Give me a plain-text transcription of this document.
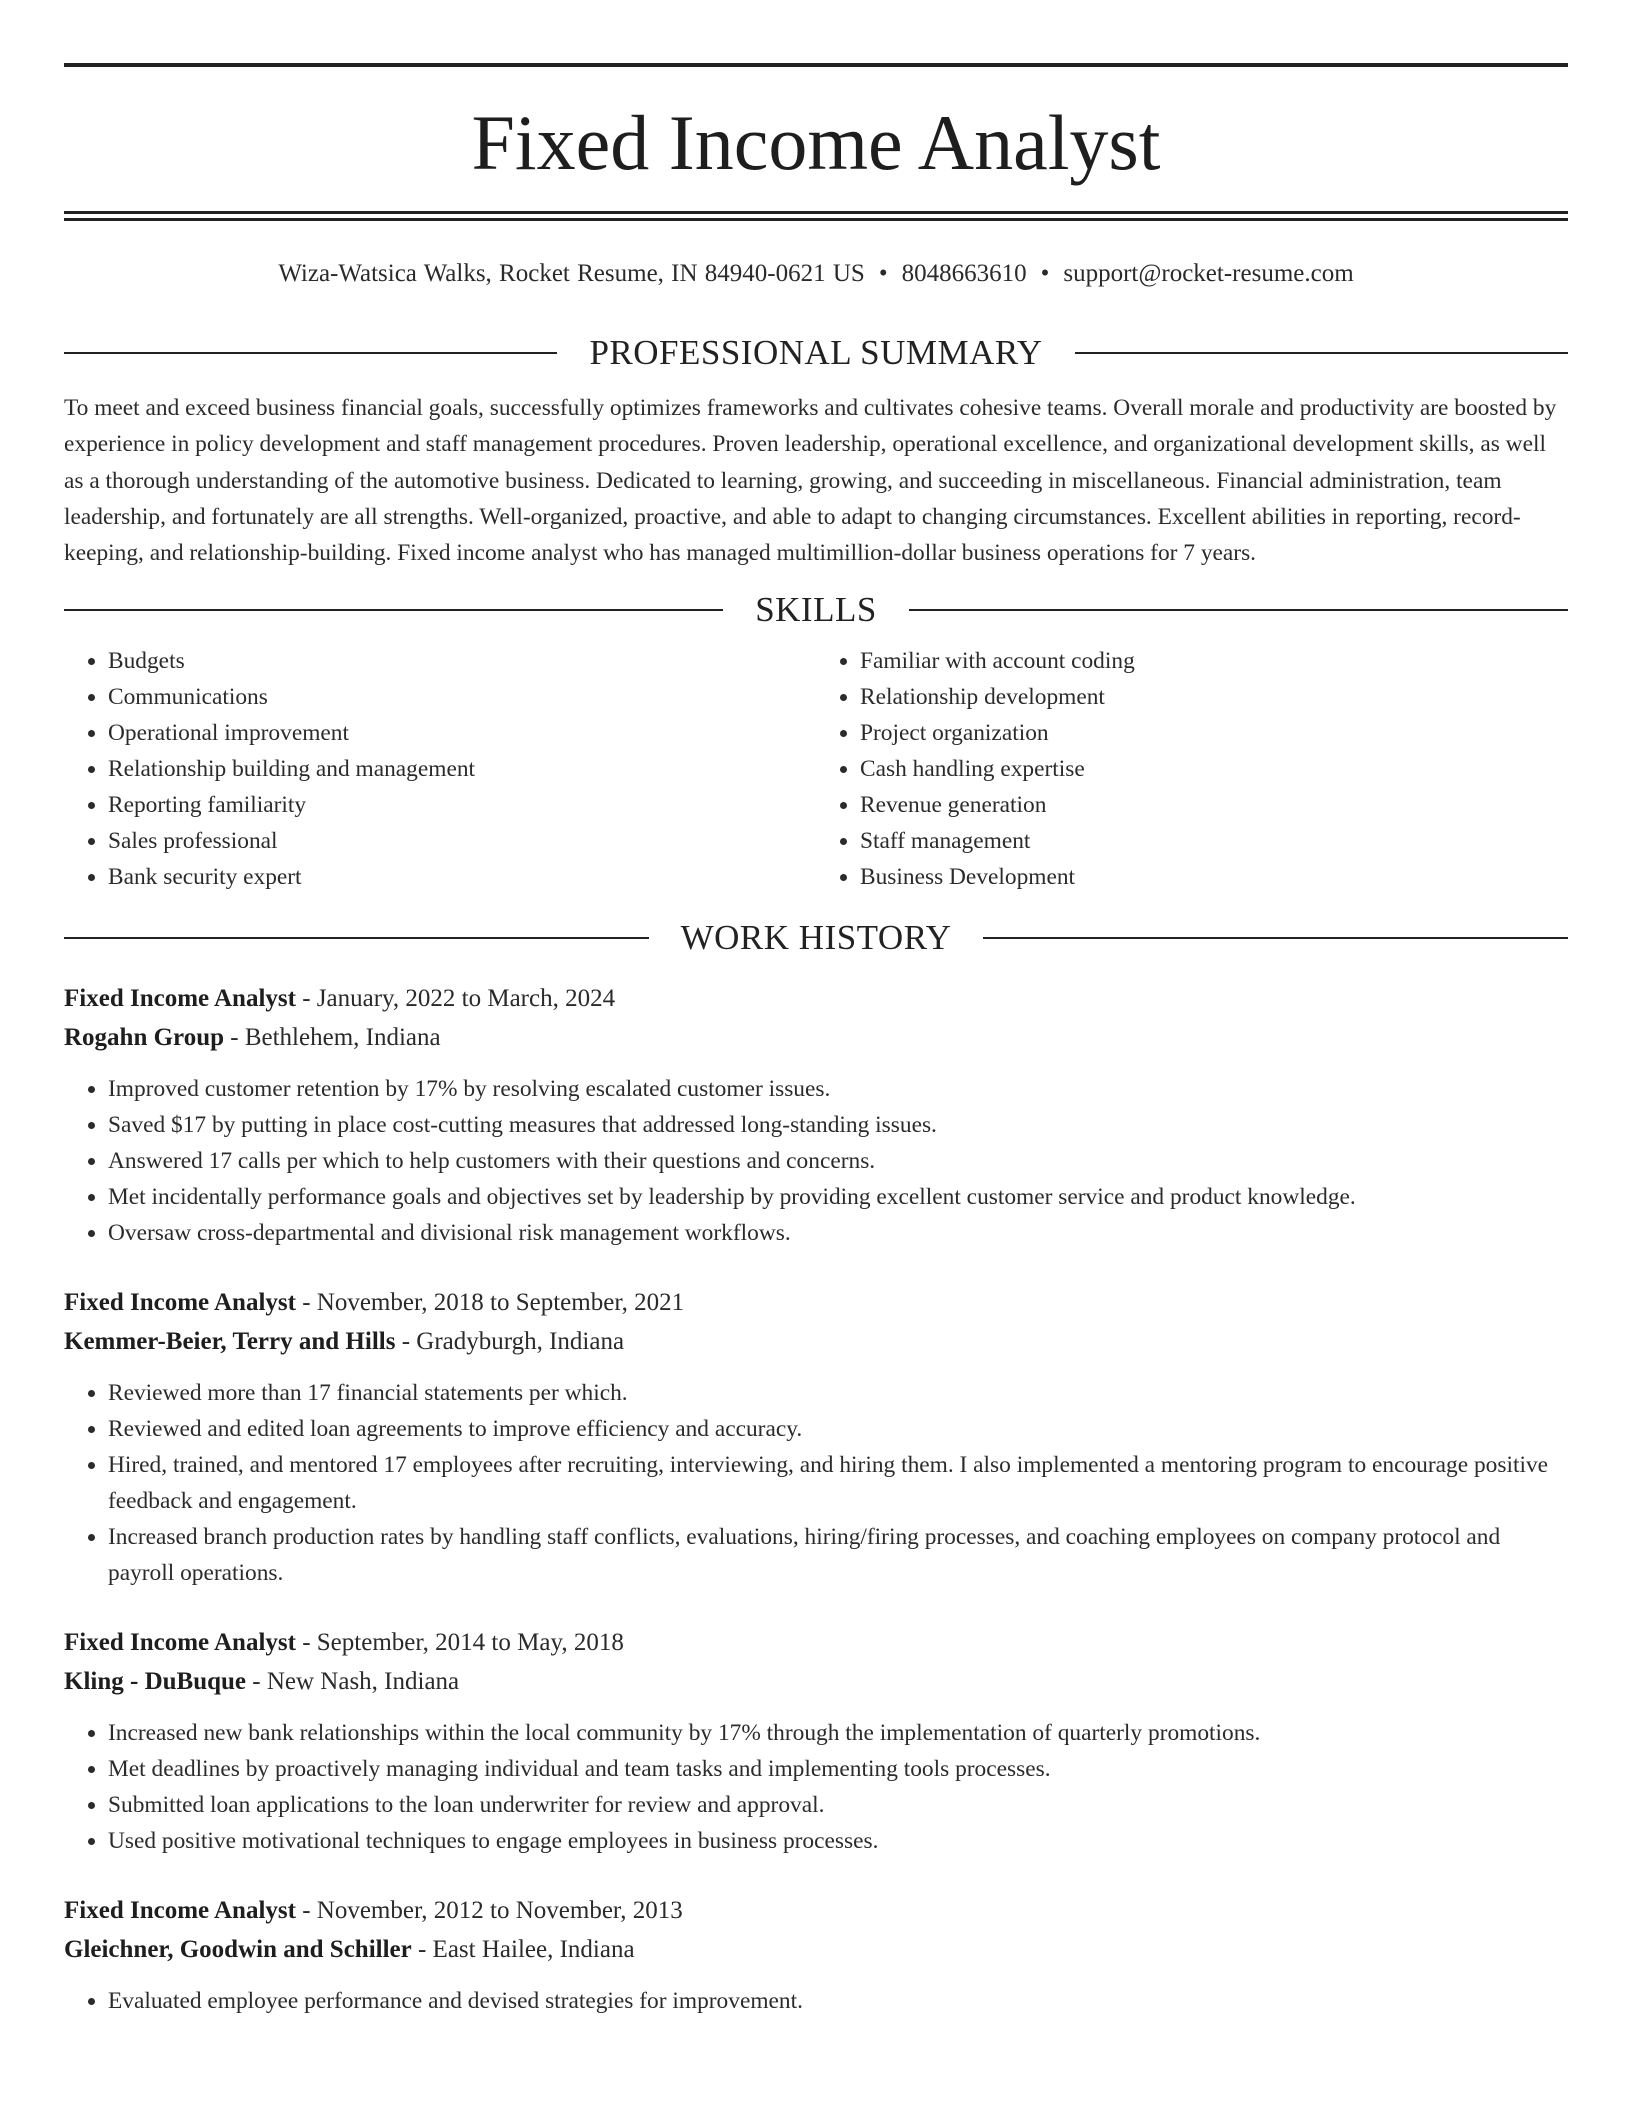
Fixed Income Analyst
Wiza-Watsica Walks, Rocket Resume, IN 84940-0621 US • 8048663610 • support@rocket-resume.com
PROFESSIONAL SUMMARY

To meet and exceed business financial goals, successfully optimizes frameworks and cultivates cohesive teams. Overall morale and productivity are boosted by experience in policy development and staff management procedures. Proven leadership, operational excellence, and organizational development skills, as well as a thorough understanding of the automotive business. Dedicated to learning, growing, and succeeding in miscellaneous. Financial administration, team leadership, and fortunately are all strengths. Well-organized, proactive, and able to adapt to changing circumstances. Excellent abilities in reporting, record-keeping, and relationship-building. Fixed income analyst who has managed multimillion-dollar business operations for 7 years.

SKILLS
• Budgets
• Communications
• Operational improvement
• Relationship building and management
• Reporting familiarity
• Sales professional
• Bank security expert
• Familiar with account coding
• Relationship development
• Project organization
• Cash handling expertise
• Revenue generation
• Staff management
• Business Development
WORK HISTORY
Fixed Income Analyst - January, 2022 to March, 2024
Rogahn Group - Bethlehem, Indiana
• Improved customer retention by 17% by resolving escalated customer issues.
• Saved $17 by putting in place cost-cutting measures that addressed long-standing issues.
• Answered 17 calls per which to help customers with their questions and concerns.
• Met incidentally performance goals and objectives set by leadership by providing excellent customer service and product knowledge.
• Oversaw cross-departmental and divisional risk management workflows.
Fixed Income Analyst - November, 2018 to September, 2021
Kemmer-Beier, Terry and Hills - Gradyburgh, Indiana
• Reviewed more than 17 financial statements per which.
• Reviewed and edited loan agreements to improve efficiency and accuracy.
• Hired, trained, and mentored 17 employees after recruiting, interviewing, and hiring them. I also implemented a mentoring program to encourage positive feedback and engagement.
• Increased branch production rates by handling staff conflicts, evaluations, hiring/firing processes, and coaching employees on company protocol and payroll operations.
Fixed Income Analyst - September, 2014 to May, 2018
Kling - DuBuque - New Nash, Indiana
• Increased new bank relationships within the local community by 17% through the implementation of quarterly promotions.
• Met deadlines by proactively managing individual and team tasks and implementing tools processes.
• Submitted loan applications to the loan underwriter for review and approval.
• Used positive motivational techniques to engage employees in business processes.
Fixed Income Analyst - November, 2012 to November, 2013
Gleichner, Goodwin and Schiller - East Hailee, Indiana
• Evaluated employee performance and devised strategies for improvement.
